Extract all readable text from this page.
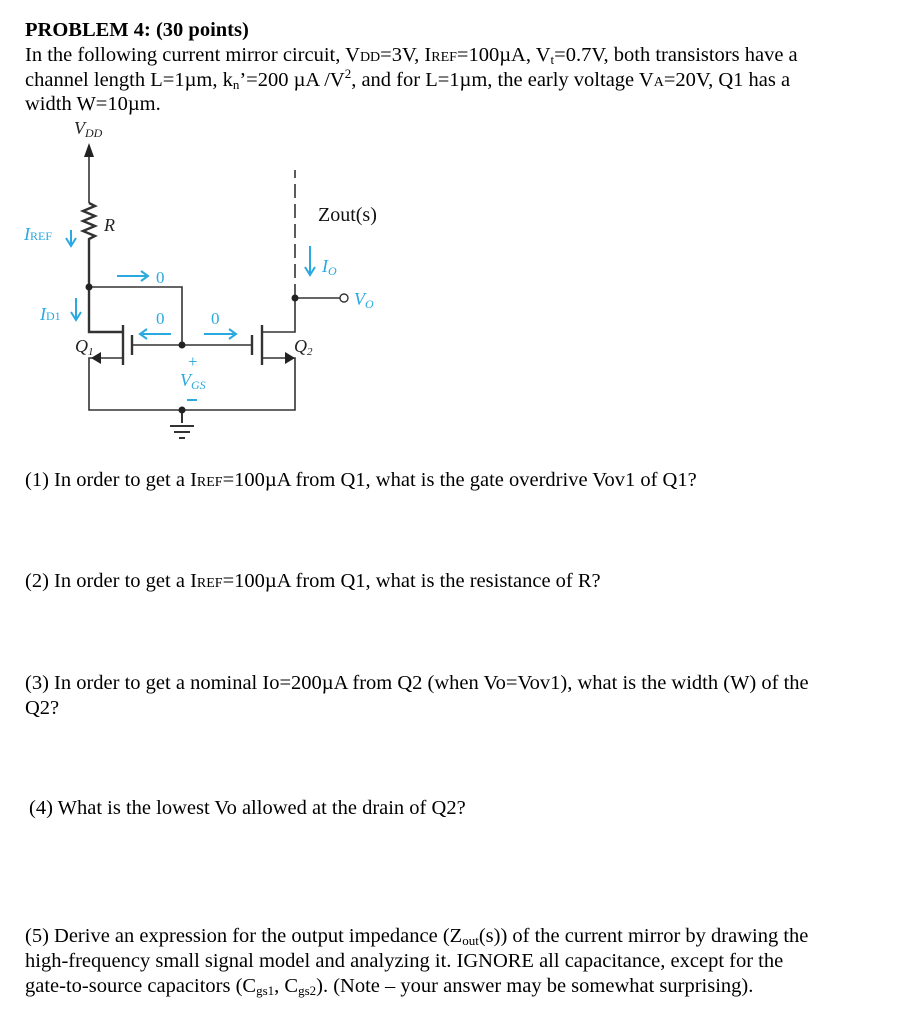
PROBLEM 4: (30 points)
In the following current mirror circuit, VDD=3V, IREF=100µA, $V_t=0.7V$, both transistors have a
channel length L=1µm, $k_n’=200$ µA $/V^2$, and for L=1µm, the early voltage VA=20V, Q1 has a
width W=10µm.
VDD
R
IREF
ID1
Q1	Q2
VGS
IO
VO
0
0	0
+
Zout(s)
(1) In order to get a IREF=100µA from Q1, what is the gate overdrive Vov1 of Q1?
(2) In order to get a IREF=100µA from Q1, what is the resistance of R?
(3) In order to get a nominal Io=200µA from Q2 (when Vo=Vov1), what is the width (W) of the
Q2?
(4) What is the lowest Vo allowed at the drain of Q2?
(5) Derive an expression for the output impedance $(Z_{out}(s))$ of the current mirror by drawing the
high-frequency small signal model and analyzing it. IGNORE all capacitance, except for the
gate-to-source capacitors ($C_{gs1}$, $C_{gs2}$). (Note – your answer may be somewhat surprising).
